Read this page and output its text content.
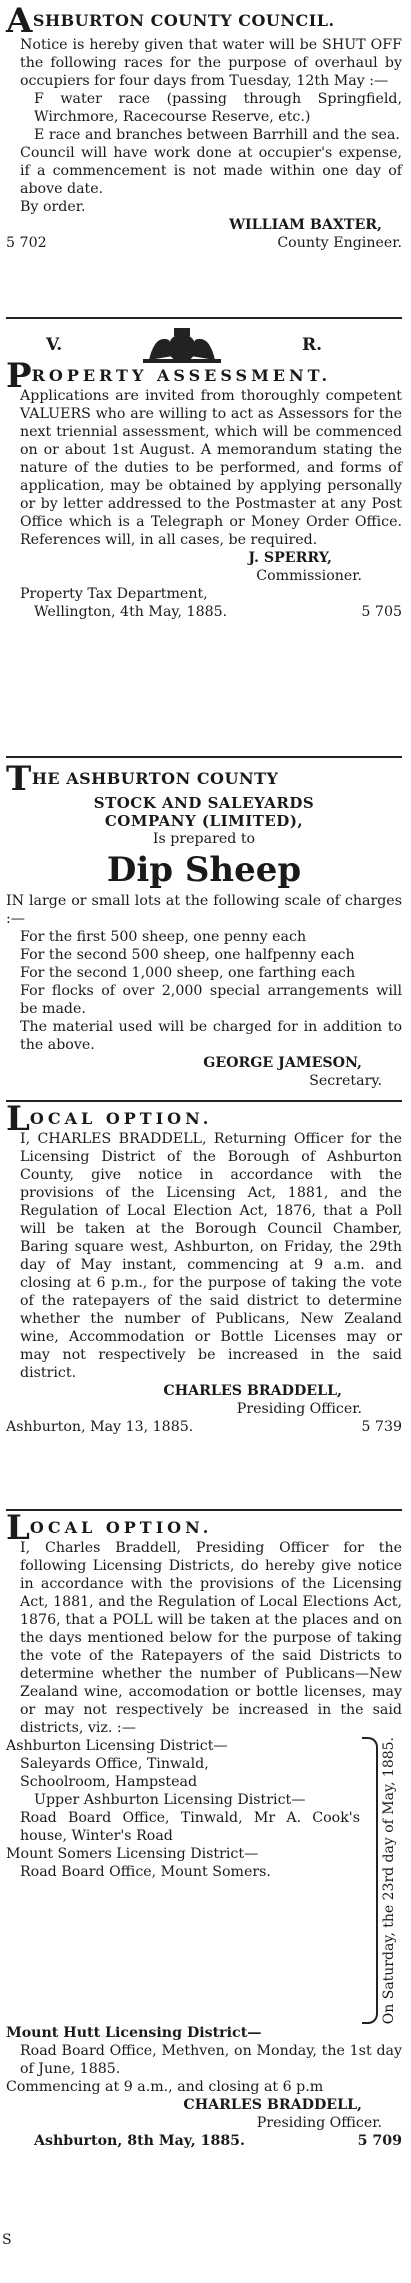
ASHBURTON COUNTY COUNCIL.

Notice is hereby given that water will be SHUT OFF the following races for the purpose of overhaul by occupiers for four days from Tuesday, 12th May :—

F water race (passing through Springfield, Wirchmore, Racecourse Reserve, etc.)

E race and branches between Barrhill and the sea.

Council will have work done at occupier's expense, if a commencement is not made within one day of above date.

By order.

WILLIAM BAXTER,

5 702	County Engineer.
V.	R.

PROPERTY ASSESSMENT.

Applications are invited from thoroughly competent VALUERS who are willing to act as Assessors for the next triennial assessment, which will be commenced on or about 1st August. A memorandum stating the nature of the duties to be performed, and forms of application, may be obtained by applying personally or by letter addressed to the Postmaster at any Post Office which is a Telegraph or Money Order Office. References will, in all cases, be required.

J. SPERRY,

Commissioner.

Property Tax Department,

Wellington, 4th May, 1885.	5 705

THE ASHBURTON COUNTY

STOCK AND SALEYARDS

COMPANY (LIMITED),

Is prepared to

Dip Sheep

IN large or small lots at the following scale of charges :—

For the first 500 sheep, one penny each

For the second 500 sheep, one halfpenny each

For the second 1,000 sheep, one farthing each

For flocks of over 2,000 special arrangements will be made.

The material used will be charged for in addition to the above.

GEORGE JAMESON,

Secretary.

LOCAL OPTION.

I, CHARLES BRADDELL, Returning Officer for the Licensing District of the Borough of Ashburton County, give notice in accordance with the provisions of the Licensing Act, 1881, and the Regulation of Local Election Act, 1876, that a Poll will be taken at the Borough Council Chamber, Baring square west, Ashburton, on Friday, the 29th day of May instant, commencing at 9 a.m. and closing at 6 p.m., for the purpose of taking the vote of the ratepayers of the said district to determine whether the number of Publicans, New Zealand wine, Accommodation or Bottle Licenses may or may not respectively be increased in the said district.

CHARLES BRADDELL,

Presiding Officer.

Ashburton, May 13, 1885.	5 739
S

LOCAL OPTION.

I, Charles Braddell, Presiding Officer for the following Licensing Districts, do hereby give notice in accordance with the provisions of the Licensing Act, 1881, and the Regulation of Local Elections Act, 1876, that a POLL will be taken at the places and on the days mentioned below for the purpose of taking the vote of the Ratepayers of the said Districts to determine whether the number of Publicans—New Zealand wine, accomodation or bottle licenses, may or may not respectively be increased in the said districts, viz. :—

Ashburton Licensing District—

Saleyards Office, Tinwald,

Schoolroom, Hampstead

Upper Ashburton Licensing District—

Road Board Office, Tinwald, Mr A. Cook's house, Winter's Road

Mount Somers Licensing District—

Road Board Office, Mount Somers.	On Saturday, the 23rd day of May, 1885.

Mount Hutt Licensing District—

Road Board Office, Methven, on Monday, the 1st day of June, 1885.

Commencing at 9 a.m., and closing at 6 p.m

CHARLES BRADDELL,

Presiding Officer.

Ashburton, 8th May, 1885.	5 709
